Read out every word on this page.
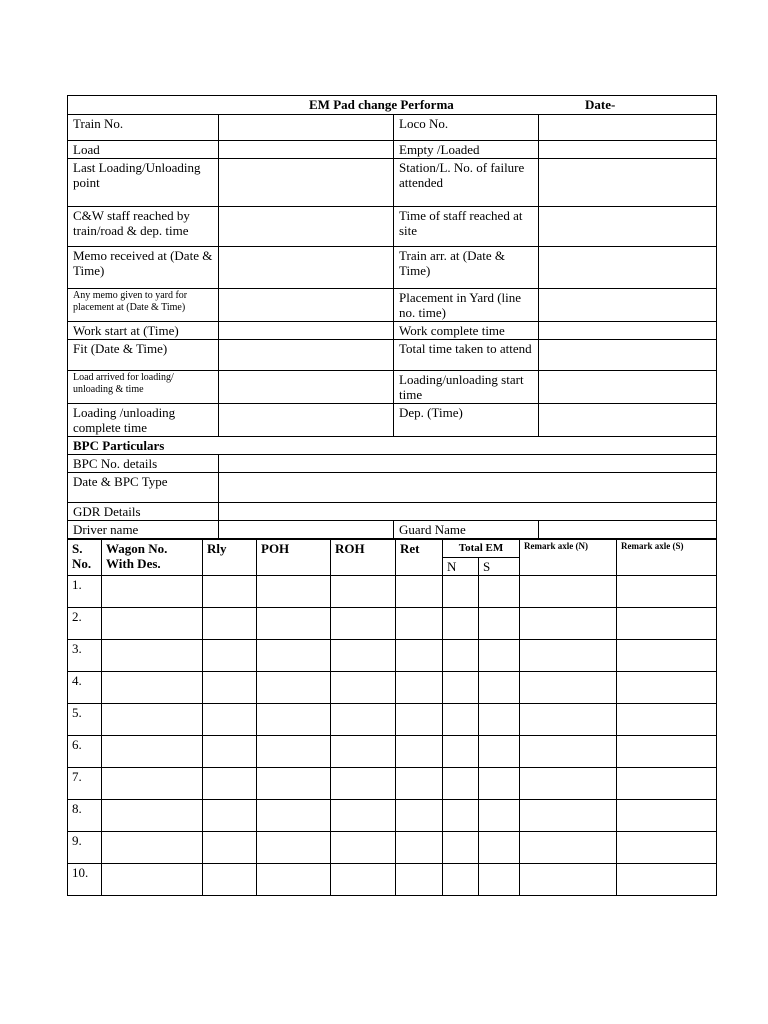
EM Pad change Performa Date-			
Train No.		Loco No.	
Load		Empty /Loaded	
Last Loading/Unloading point		Station/L. No. of failure attended	
C&W staff reached by train/road & dep. time		Time of staff reached at site	
Memo received at (Date & Time)		Train arr. at (Date & Time)	
Any memo given to yard for placement at (Date & Time)		Placement in Yard (line no. time)	
Work start at (Time)		Work complete time	
Fit (Date & Time)		Total time taken to attend	
Load arrived for loading/ unloading & time		Loading/unloading start time	
Loading /unloading complete time		Dep. (Time)	
BPC Particulars			
BPC No. details			
Date & BPC Type			
GDR Details			
Driver name		Guard Name	
S. No.	Wagon No. With Des.	Rly	POH	ROH	Ret	Total EM		Remark axle (N)	Remark axle (S)
						N	S		
1.									
2.									
3.									
4.									
5.									
6.									
7.									
8.									
9.									
10.									
